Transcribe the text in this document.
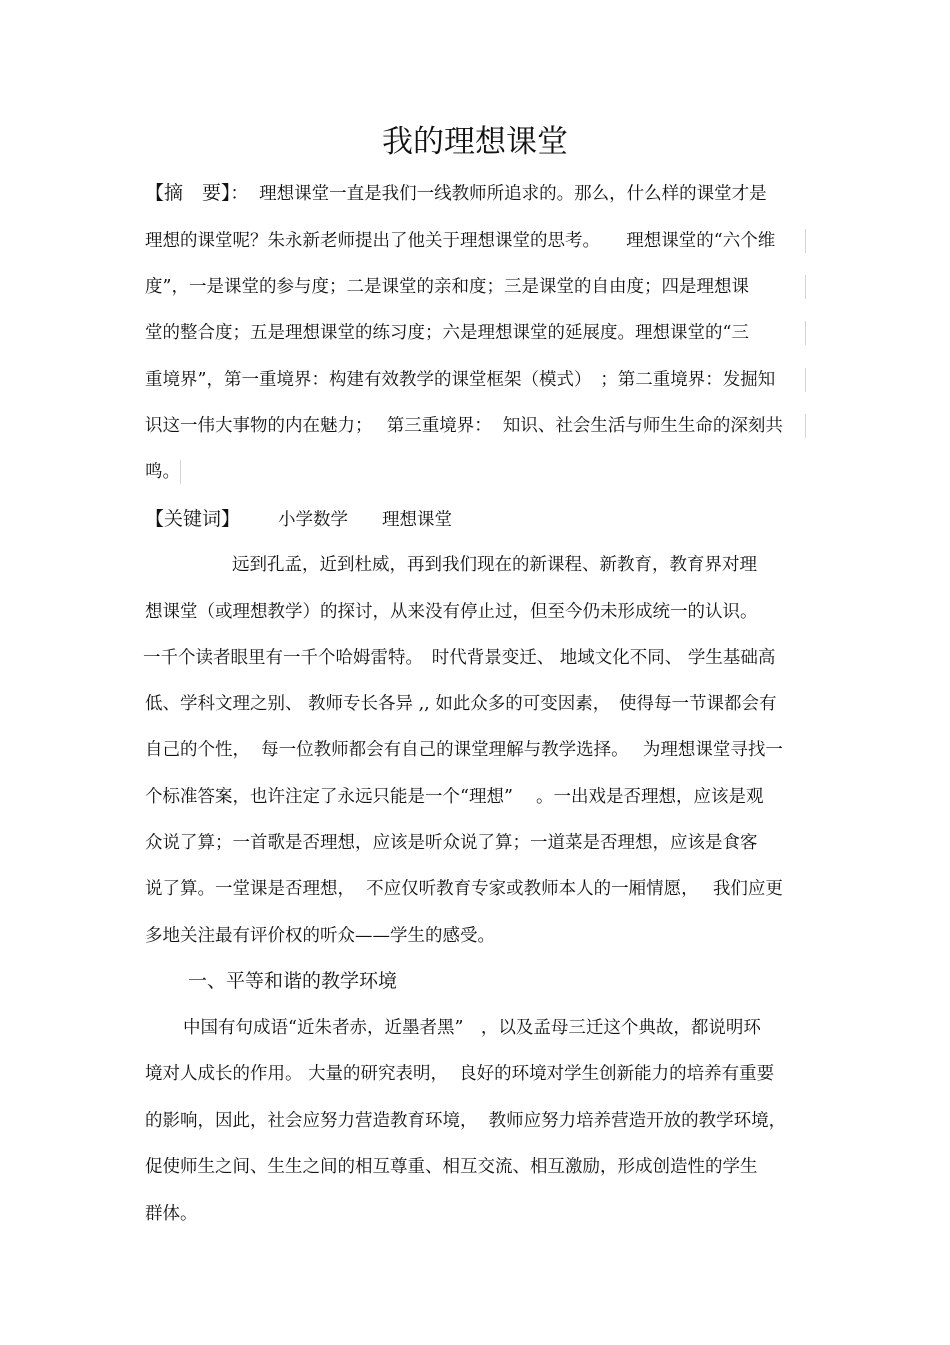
我的理想课堂
【摘　要】：  理想课堂一直是我们一线教师所追求的。那么，什么样的课堂才是
理想的课堂呢？朱永新老师提出了他关于理想课堂的思考。　　理想课堂的“六个维
度”，一是课堂的参与度；二是课堂的亲和度；三是课堂的自由度；四是理想课
堂的整合度；五是理想课堂的练习度；六是理想课堂的延展度。理想课堂的“三
重境界”，第一重境界：构建有效教学的课堂框架（模式）　；第二重境界：发掘知
识这一伟大事物的内在魅力；　 第三重境界：  知识、社会生活与师生生命的深刻共
鸣。
【关键词】 小学数学 理想课堂
远到孔孟，近到杜威，再到我们现在的新课程、新教育，教育界对理
想课堂（或理想教学）的探讨，从来没有停止过，但至今仍未形成统一的认识。
一千个读者眼里有一千个哈姆雷特。　时代背景变迁、 地域文化不同、 学生基础高
低、学科文理之别、 教师专长各异 ,, 如此众多的可变因素，　使得每一节课都会有
自己的个性，  每一位教师都会有自己的课堂理解与教学选择。　 为理想课堂寻找一
个标准答案，也许注定了永远只能是一个“理想”　 。一出戏是否理想，应该是观
众说了算；一首歌是否理想，应该是听众说了算；一道菜是否理想，应该是食客
说了算。一堂课是否理想，  不应仅听教育专家或教师本人的一厢情愿，　 我们应更
多地关注最有评价权的听众——学生的感受。
一、平等和谐的教学环境
中国有句成语“近朱者赤，近墨者黑”　，以及孟母三迁这个典故，都说明环
境对人成长的作用。 大量的研究表明，  良好的环境对学生创新能力的培养有重要
的影响，因此，社会应努力营造教育环境，  教师应努力培养营造开放的教学环境，
促使师生之间、生生之间的相互尊重、相互交流、相互激励，形成创造性的学生
群体。
